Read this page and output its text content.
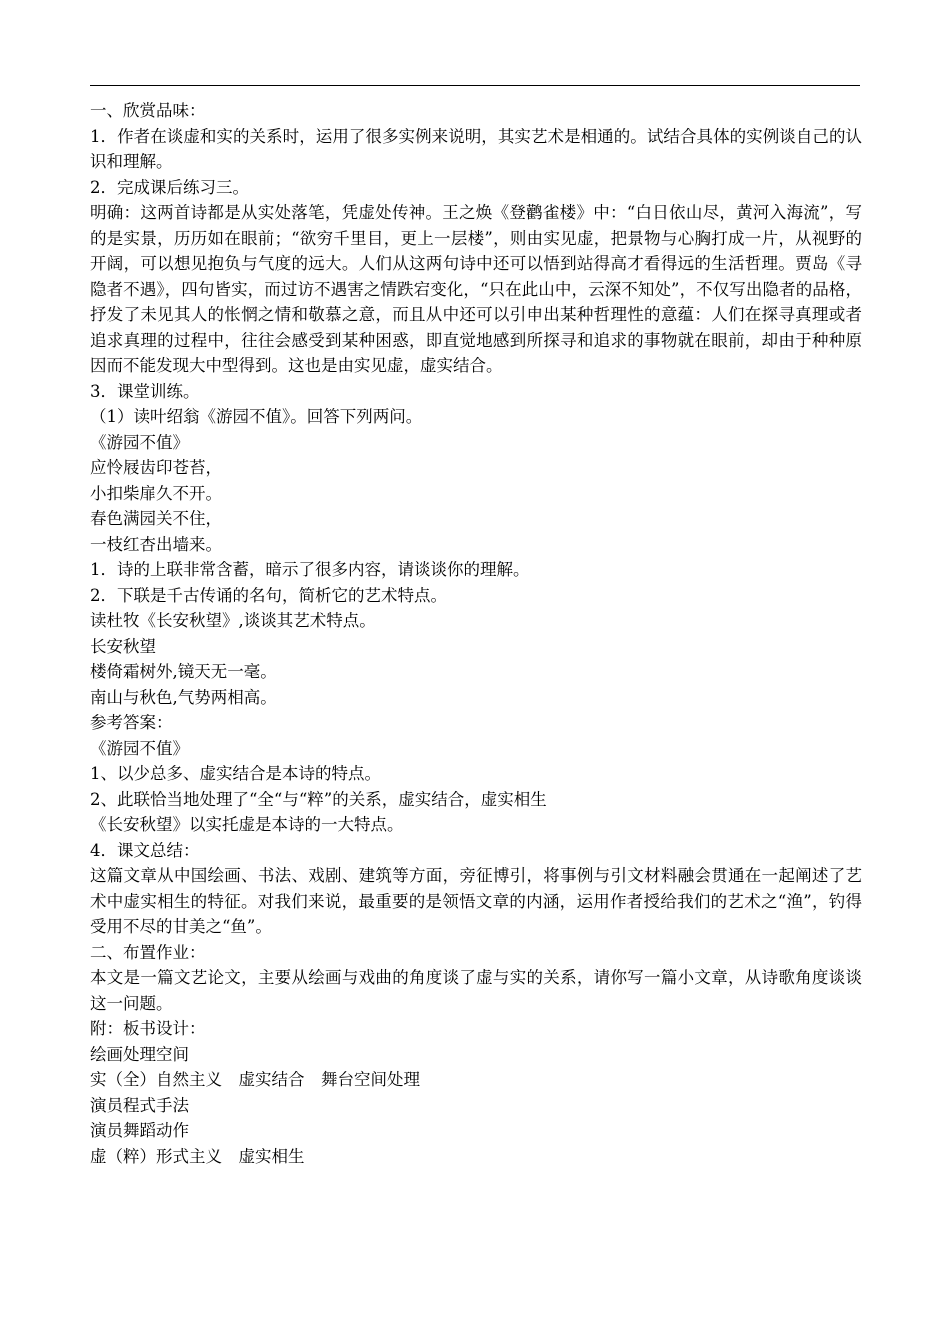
一、欣赏品味：

1．作者在谈虚和实的关系时，运用了很多实例来说明，其实艺术是相通的。试结合具体的实例谈自己的认识和理解。

2．完成课后练习三。

明确：这两首诗都是从实处落笔，凭虚处传神。王之焕《登鹳雀楼》中：“白日依山尽，黄河入海流”，写的是实景，历历如在眼前；“欲穷千里目，更上一层楼”，则由实见虚，把景物与心胸打成一片，从视野的开阔，可以想见抱负与气度的远大。人们从这两句诗中还可以悟到站得高才看得远的生活哲理。贾岛《寻隐者不遇》，四句皆实，而过访不遇害之情跌宕变化，“只在此山中，云深不知处”，不仅写出隐者的品格，抒发了未见其人的怅惘之情和敬慕之意，而且从中还可以引申出某种哲理性的意蕴：人们在探寻真理或者追求真理的过程中，往往会感受到某种困惑，即直觉地感到所探寻和追求的事物就在眼前，却由于种种原因而不能发现大中型得到。这也是由实见虚，虚实结合。

3．课堂训练。

（1）读叶绍翁《游园不值》。回答下列两问。

《游园不值》

应怜屐齿印苍苔，

小扣柴扉久不开。

春色满园关不住，

一枝红杏出墙来。

1．诗的上联非常含蓄，暗示了很多内容，请谈谈你的理解。

2．下联是千古传诵的名句，简析它的艺术特点。

读杜牧《长安秋望》,谈谈其艺术特点。

长安秋望

楼倚霜树外,镜天无一毫。

南山与秋色,气势两相高。

参考答案：

《游园不值》

1、以少总多、虚实结合是本诗的特点。

2、此联恰当地处理了“全“与“粹”的关系，虚实结合，虚实相生

《长安秋望》以实托虚是本诗的一大特点。

4．课文总结：

这篇文章从中国绘画、书法、戏剧、建筑等方面，旁征博引，将事例与引文材料融会贯通在一起阐述了艺术中虚实相生的特征。对我们来说，最重要的是领悟文章的内涵，运用作者授给我们的艺术之“渔”，钓得受用不尽的甘美之“鱼”。

二、布置作业：

本文是一篇文艺论文，主要从绘画与戏曲的角度谈了虚与实的关系，请你写一篇小文章，从诗歌角度谈谈这一问题。

附：板书设计：

绘画处理空间

实（全）自然主义　虚实结合　舞台空间处理

演员程式手法

演员舞蹈动作

虚（粹）形式主义　虚实相生
